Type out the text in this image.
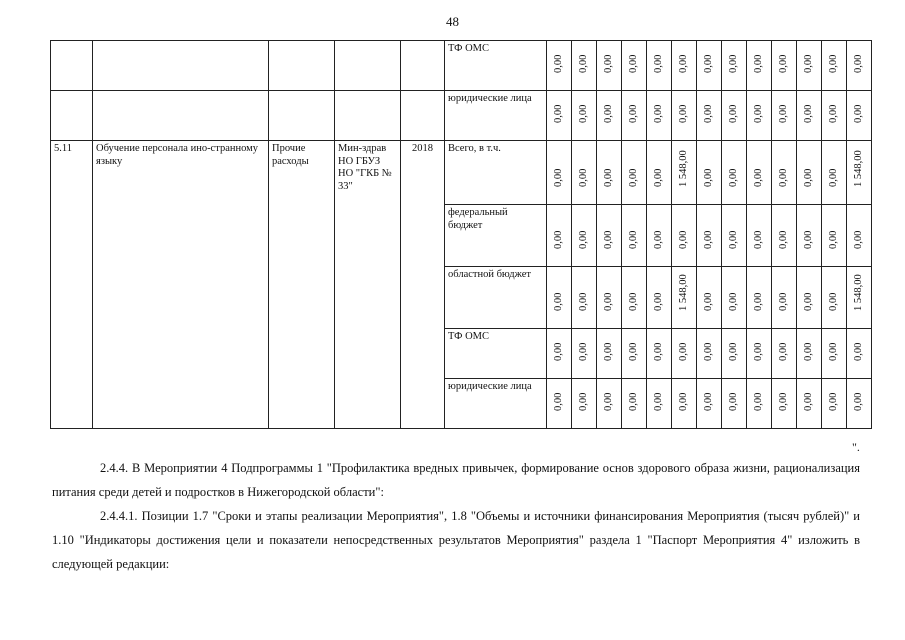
48
					ТФ ОМС	0,00	0,00	0,00	0,00	0,00	0,00	0,00	0,00	0,00	0,00	0,00	0,00	0,00

					юридические лица	0,00	0,00	0,00	0,00	0,00	0,00	0,00	0,00	0,00	0,00	0,00	0,00	0,00

5.11	Обучение персонала ино-странному языку	Прочие расходы	Мин-здрав НО ГБУЗ НО "ГКБ № 33"	2018	Всего, в т.ч.	0,00	0,00	0,00	0,00	0,00	1 548,00	0,00	0,00	0,00	0,00	0,00	0,00	1 548,00

					федеральный бюджет	0,00	0,00	0,00	0,00	0,00	0,00	0,00	0,00	0,00	0,00	0,00	0,00	0,00

					областной бюджет	0,00	0,00	0,00	0,00	0,00	1 548,00	0,00	0,00	0,00	0,00	0,00	0,00	1 548,00

					ТФ ОМС	0,00	0,00	0,00	0,00	0,00	0,00	0,00	0,00	0,00	0,00	0,00	0,00	0,00

					юридические лица	0,00	0,00	0,00	0,00	0,00	0,00	0,00	0,00	0,00	0,00	0,00	0,00	0,00
".

2.4.4. В Мероприятии 4 Подпрограммы 1 "Профилактика вредных привычек, формирование основ здорового образа жизни, рационализация питания среди детей и подростков в Нижегородской области":

2.4.4.1. Позиции 1.7 "Сроки и этапы реализации Мероприятия", 1.8 "Объемы и источники финансирования Мероприятия (тысяч рублей)" и 1.10 "Индикаторы достижения цели и показатели непосредственных результатов Мероприятия" раздела 1 "Паспорт Мероприятия 4" изложить в следующей редакции:
